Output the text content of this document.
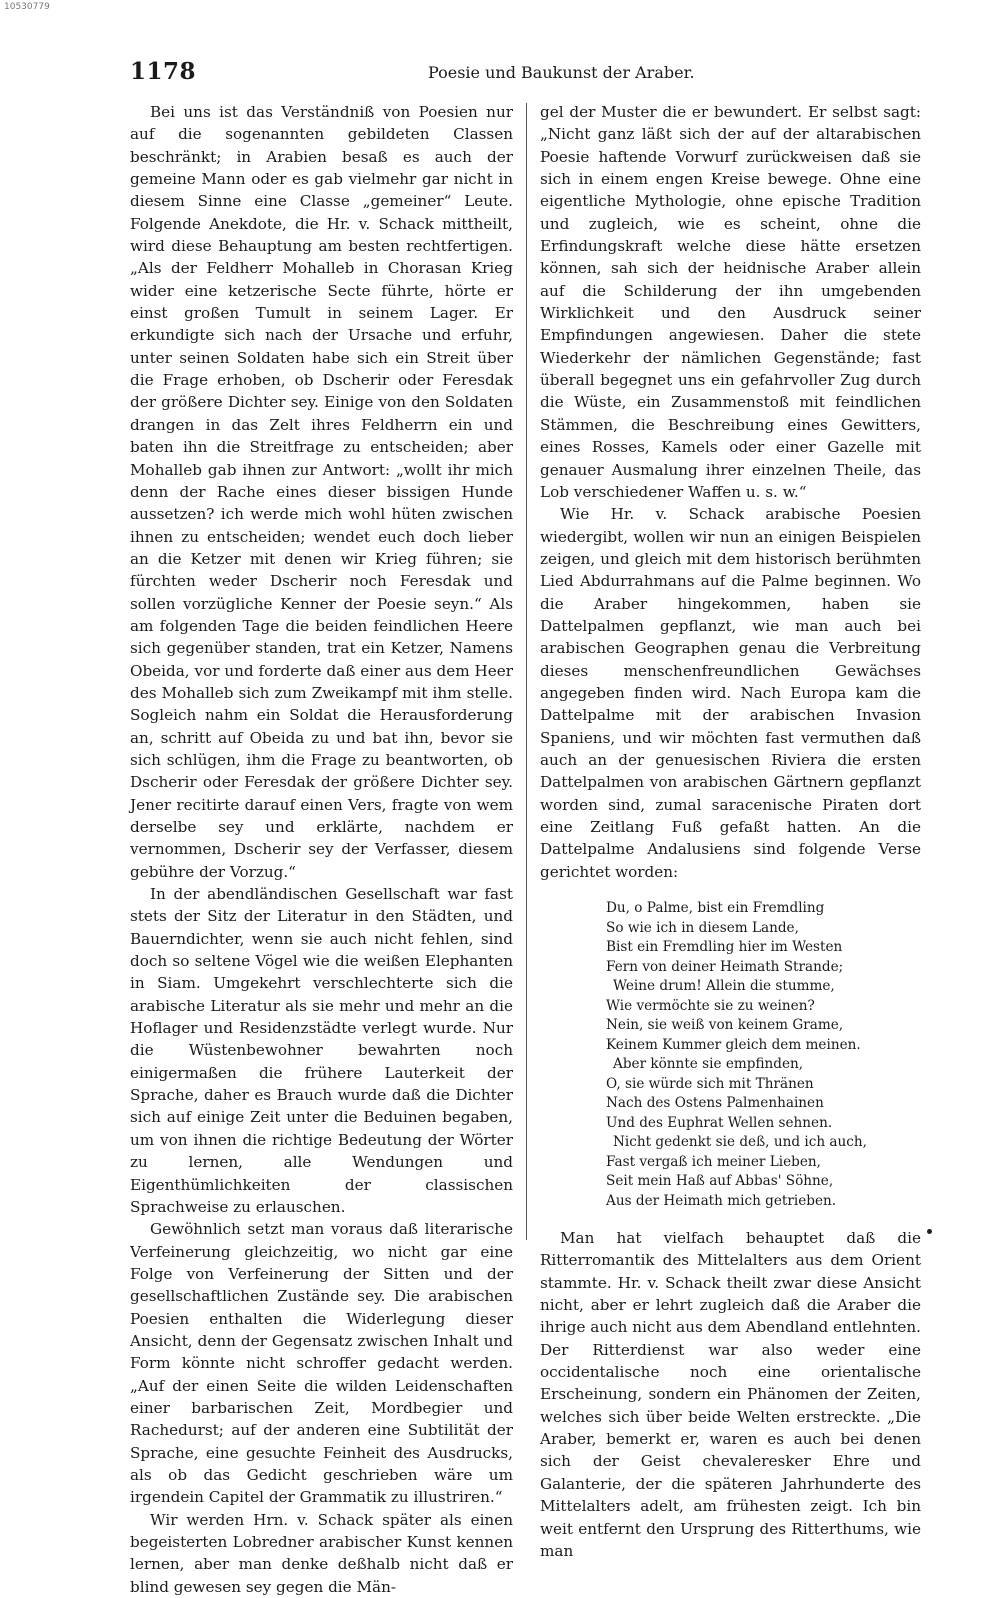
10530779
1178	Poesie und Baukunst der Araber.

Bei uns ist das Verständniß von Poesien nur auf die sogenannten gebildeten Classen beschränkt; in Arabien besaß es auch der gemeine Mann oder es gab vielmehr gar nicht in diesem Sinne eine Classe „gemeiner“ Leute. Folgende Anekdote, die Hr. v. Schack mittheilt, wird diese Behauptung am besten rechtfertigen. „Als der Feldherr Mohalleb in Chorasan Krieg wider eine ketzerische Secte führte, hörte er einst großen Tumult in seinem Lager. Er erkundigte sich nach der Ursache und erfuhr, unter seinen Soldaten habe sich ein Streit über die Frage erhoben, ob Dscherir oder Feresdak der größere Dichter sey. Einige von den Soldaten drangen in das Zelt ihres Feldherrn ein und baten ihn die Streitfrage zu entscheiden; aber Mohalleb gab ihnen zur Antwort: „wollt ihr mich denn der Rache eines dieser bissigen Hunde aussetzen? ich werde mich wohl hüten zwischen ihnen zu entscheiden; wendet euch doch lieber an die Ketzer mit denen wir Krieg führen; sie fürchten weder Dscherir noch Feresdak und sollen vorzügliche Kenner der Poesie seyn.“ Als am folgenden Tage die beiden feindlichen Heere sich gegenüber standen, trat ein Ketzer, Namens Obeida, vor und forderte daß einer aus dem Heer des Mohalleb sich zum Zweikampf mit ihm stelle. Sogleich nahm ein Soldat die Herausforderung an, schritt auf Obeida zu und bat ihn, bevor sie sich schlügen, ihm die Frage zu beantworten, ob Dscherir oder Feresdak der größere Dichter sey. Jener recitirte darauf einen Vers, fragte von wem derselbe sey und erklärte, nachdem er vernommen, Dscherir sey der Verfasser, diesem gebühre der Vorzug.“

In der abendländischen Gesellschaft war fast stets der Sitz der Literatur in den Städten, und Bauerndichter, wenn sie auch nicht fehlen, sind doch so seltene Vögel wie die weißen Elephanten in Siam. Umgekehrt verschlechterte sich die arabische Literatur als sie mehr und mehr an die Hoflager und Residenzstädte verlegt wurde. Nur die Wüstenbewohner bewahrten noch einigermaßen die frühere Lauterkeit der Sprache, daher es Brauch wurde daß die Dichter sich auf einige Zeit unter die Beduinen begaben, um von ihnen die richtige Bedeutung der Wörter zu lernen, alle Wendungen und Eigenthümlichkeiten der classischen Sprachweise zu erlauschen.

Gewöhnlich setzt man voraus daß literarische Verfeinerung gleichzeitig, wo nicht gar eine Folge von Verfeinerung der Sitten und der gesellschaftlichen Zustände sey. Die arabischen Poesien enthalten die Widerlegung dieser Ansicht, denn der Gegensatz zwischen Inhalt und Form könnte nicht schroffer gedacht werden. „Auf der einen Seite die wilden Leidenschaften einer barbarischen Zeit, Mordbegier und Rachedurst; auf der anderen eine Subtilität der Sprache, eine gesuchte Feinheit des Ausdrucks, als ob das Gedicht geschrieben wäre um irgendein Capitel der Grammatik zu illustriren.“

Wir werden Hrn. v. Schack später als einen begeisterten Lobredner arabischer Kunst kennen lernen, aber man denke deßhalb nicht daß er blind gewesen sey gegen die Män-

gel der Muster die er bewundert. Er selbst sagt: „Nicht ganz läßt sich der auf der altarabischen Poesie haftende Vorwurf zurückweisen daß sie sich in einem engen Kreise bewege. Ohne eine eigentliche Mythologie, ohne epische Tradition und zugleich, wie es scheint, ohne die Erfindungskraft welche diese hätte ersetzen können, sah sich der heidnische Araber allein auf die Schilderung der ihn umgebenden Wirklichkeit und den Ausdruck seiner Empfindungen angewiesen. Daher die stete Wiederkehr der nämlichen Gegenstände; fast überall begegnet uns ein gefahrvoller Zug durch die Wüste, ein Zusammenstoß mit feindlichen Stämmen, die Beschreibung eines Gewitters, eines Rosses, Kamels oder einer Gazelle mit genauer Ausmalung ihrer einzelnen Theile, das Lob verschiedener Waffen u. s. w.“

Wie Hr. v. Schack arabische Poesien wiedergibt, wollen wir nun an einigen Beispielen zeigen, und gleich mit dem historisch berühmten Lied Abdurrahmans auf die Palme beginnen. Wo die Araber hingekommen, haben sie Dattelpalmen gepflanzt, wie man auch bei arabischen Geographen genau die Verbreitung dieses menschenfreundlichen Gewächses angegeben finden wird. Nach Europa kam die Dattelpalme mit der arabischen Invasion Spaniens, und wir möchten fast vermuthen daß auch an der genuesischen Riviera die ersten Dattelpalmen von arabischen Gärtnern gepflanzt worden sind, zumal saracenische Piraten dort eine Zeitlang Fuß gefaßt hatten. An die Dattelpalme Andalusiens sind folgende Verse gerichtet worden:

Du, o Palme, bist ein Fremdling
So wie ich in diesem Lande,
Bist ein Fremdling hier im Westen
Fern von deiner Heimath Strande;
Weine drum! Allein die stumme,
Wie vermöchte sie zu weinen?
Nein, sie weiß von keinem Grame,
Keinem Kummer gleich dem meinen.
Aber könnte sie empfinden,
O, sie würde sich mit Thränen
Nach des Ostens Palmenhainen
Und des Euphrat Wellen sehnen.
Nicht gedenkt sie deß, und ich auch,
Fast vergaß ich meiner Lieben,
Seit mein Haß auf Abbas' Söhne,
Aus der Heimath mich getrieben.

Man hat vielfach behauptet daß die Ritterromantik des Mittelalters aus dem Orient stammte. Hr. v. Schack theilt zwar diese Ansicht nicht, aber er lehrt zugleich daß die Araber die ihrige auch nicht aus dem Abendland entlehnten. Der Ritterdienst war also weder eine occidentalische noch eine orientalische Erscheinung, sondern ein Phänomen der Zeiten, welches sich über beide Welten erstreckte. „Die Araber, bemerkt er, waren es auch bei denen sich der Geist chevaleresker Ehre und Galanterie, der die späteren Jahrhunderte des Mittelalters adelt, am frühesten zeigt. Ich bin weit entfernt den Ursprung des Ritterthums, wie man
